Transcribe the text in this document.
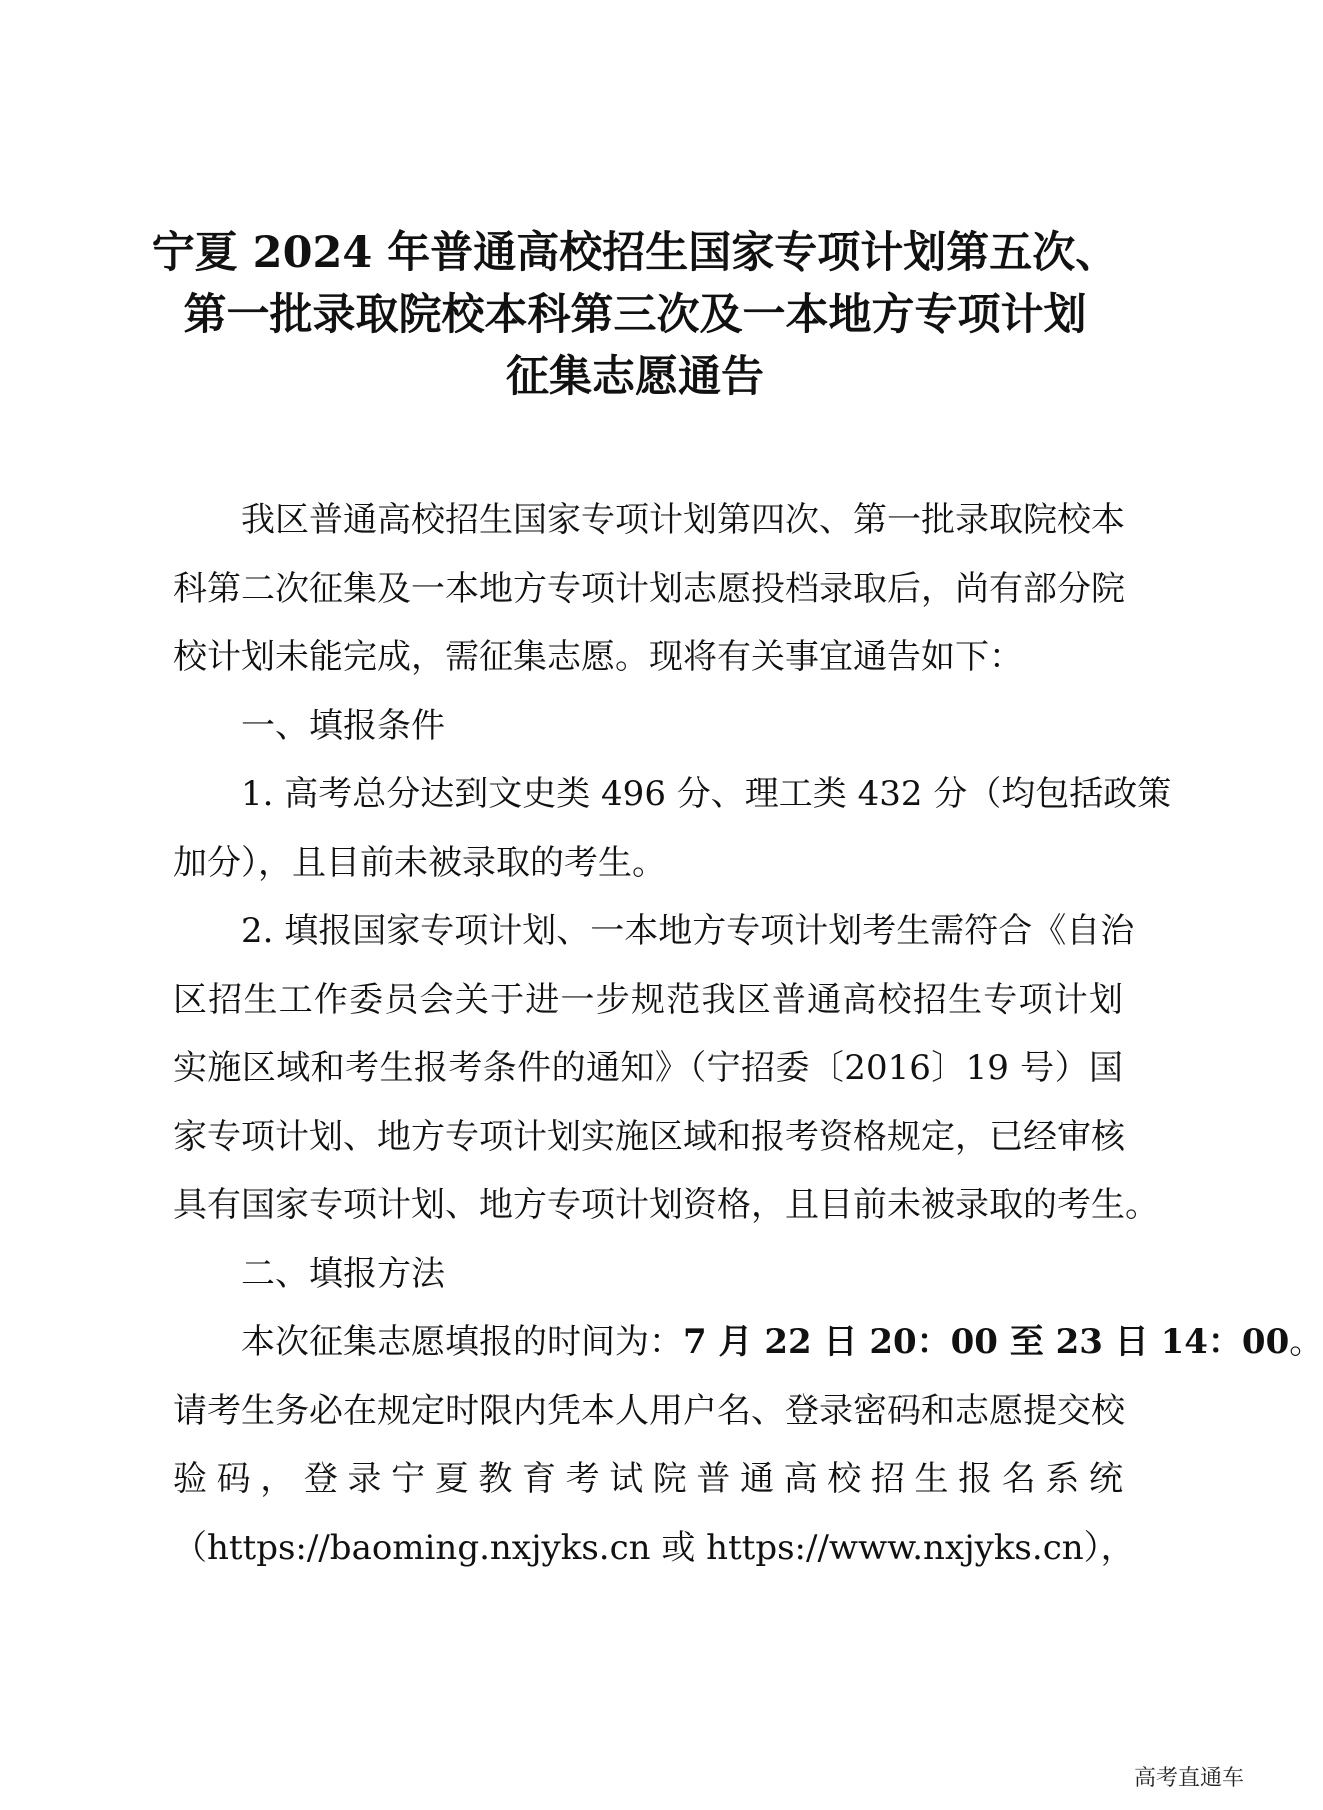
宁夏 2024 年普通高校招生国家专项计划第五次、
第一批录取院校本科第三次及一本地方专项计划
征集志愿通告
我区普通高校招生国家专项计划第四次、第一批录取院校本
科第二次征集及一本地方专项计划志愿投档录取后，尚有部分院
校计划未能完成，需征集志愿。现将有关事宜通告如下：
一、填报条件
1. 高考总分达到文史类 496 分、理工类 432 分（均包括政策
加分），且目前未被录取的考生。
2. 填报国家专项计划、一本地方专项计划考生需符合《自治
区招生工作委员会关于进一步规范我区普通高校招生专项计划
实施区域和考生报考条件的通知》（宁招委〔2016〕19 号）国
家专项计划、地方专项计划实施区域和报考资格规定，已经审核
具有国家专项计划、地方专项计划资格，且目前未被录取的考生。
二、填报方法
本次征集志愿填报的时间为：7 月 22 日 20：00 至 23 日 14：00。
请考生务必在规定时限内凭本人用户名、登录密码和志愿提交校
验码，登录宁夏教育考试院普通高校招生报名系统
（https://baoming.nxjyks.cn 或 https://www.nxjyks.cn），
高考直通车
